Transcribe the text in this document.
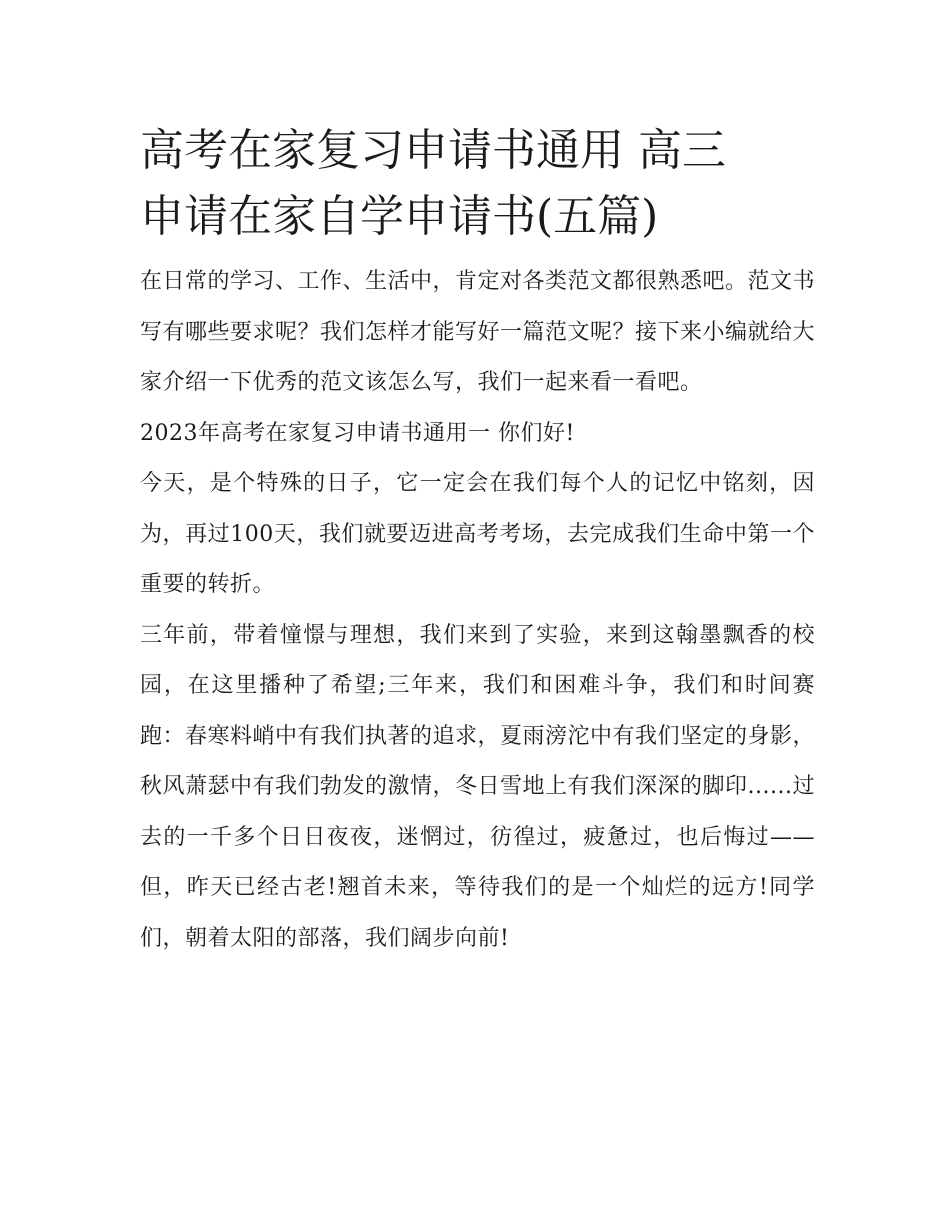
高考在家复习申请书通用 高三
申请在家自学申请书(五篇)

在日常的学习、工作、生活中，肯定对各类范文都很熟悉吧。范文书写有哪些要求呢？我们怎样才能写好一篇范文呢？接下来小编就给大家介绍一下优秀的范文该怎么写，我们一起来看一看吧。

2023年高考在家复习申请书通用一 你们好!

今天，是个特殊的日子，它一定会在我们每个人的记忆中铭刻，因为，再过100天，我们就要迈进高考考场，去完成我们生命中第一个重要的转折。

三年前，带着憧憬与理想，我们来到了实验，来到这翰墨飘香的校园，在这里播种了希望;三年来，我们和困难斗争，我们和时间赛跑：春寒料峭中有我们执著的追求，夏雨滂沱中有我们坚定的身影，秋风萧瑟中有我们勃发的激情，冬日雪地上有我们深深的脚印......过去的一千多个日日夜夜，迷惘过，彷徨过，疲惫过，也后悔过——但，昨天已经古老!翘首未来，等待我们的是一个灿烂的远方!同学们，朝着太阳的部落，我们阔步向前!
